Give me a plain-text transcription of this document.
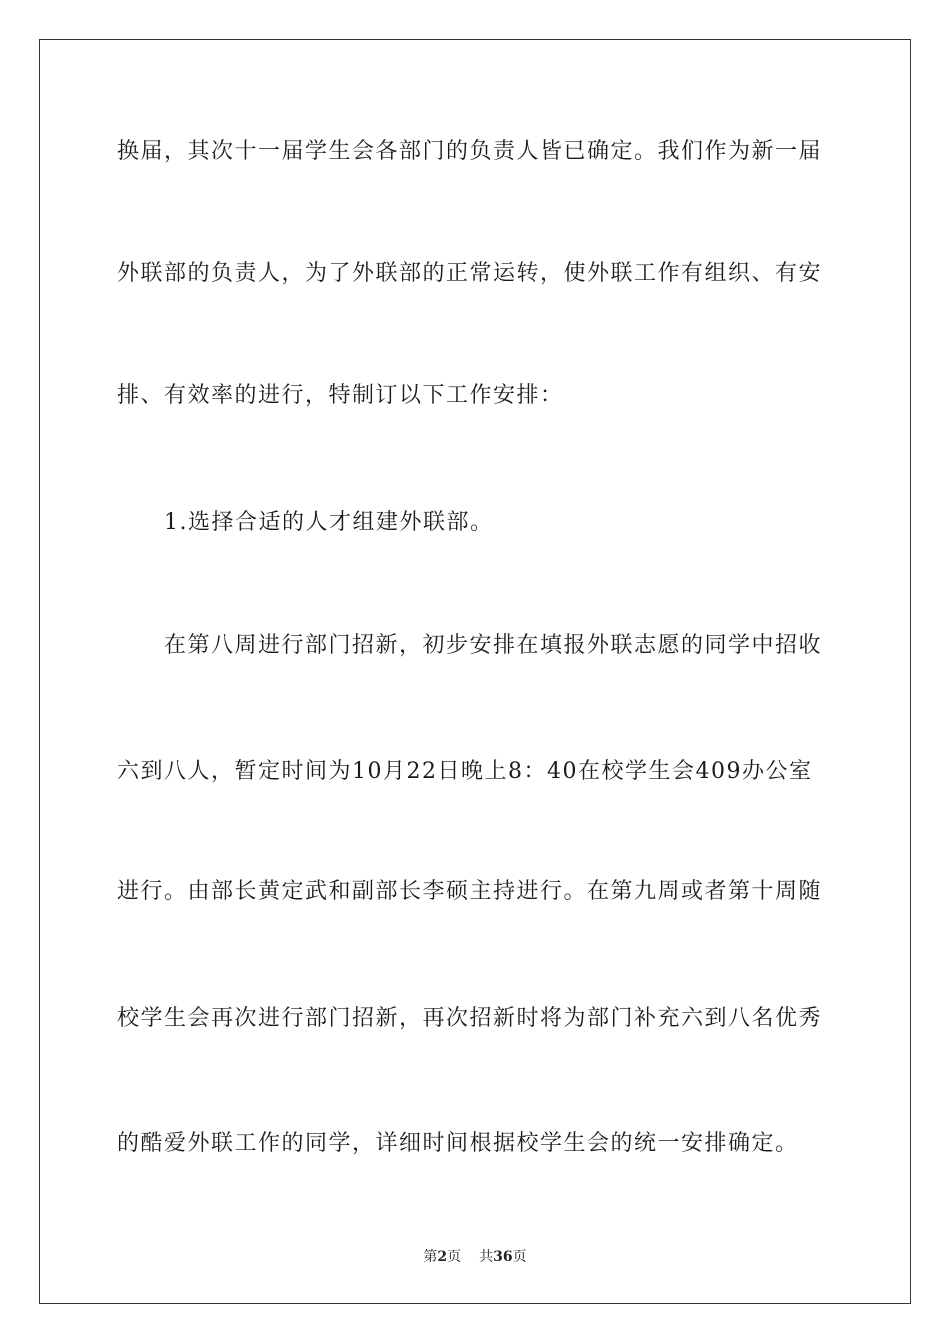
换届，其次十一届学生会各部门的负责人皆已确定。我们作为新一届
外联部的负责人，为了外联部的正常运转，使外联工作有组织、有安
排、有效率的进行，特制订以下工作安排：
1.选择合适的人才组建外联部。
在第八周进行部门招新，初步安排在填报外联志愿的同学中招收
六到八人，暂定时间为10月22日晚上8：40在校学生会409办公室
进行。由部长黄定武和副部长李硕主持进行。在第九周或者第十周随
校学生会再次进行部门招新，再次招新时将为部门补充六到八名优秀
的酷爱外联工作的同学，详细时间根据校学生会的统一安排确定。
第2页 共36页
